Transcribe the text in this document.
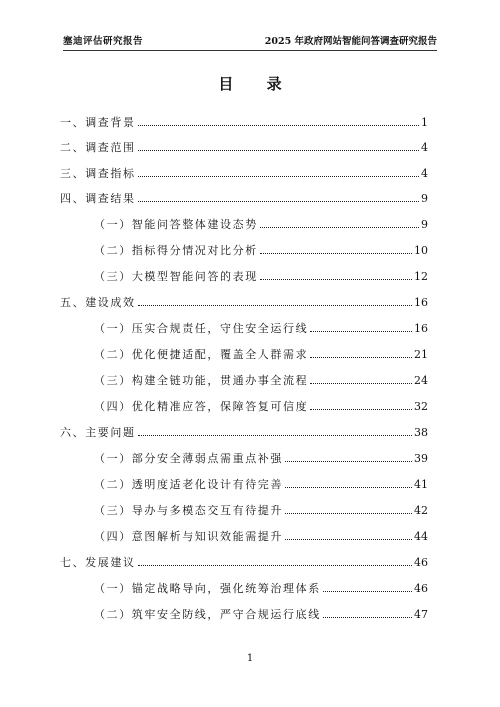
塞迪评估研究报告	2025 年政府网站智能问答调查研究报告
目 录
一、调查背景	1
二、调查范围	4
三、调查指标	4
四、调查结果	9
（一）智能问答整体建设态势	9
（二）指标得分情况对比分析	10
（三）大模型智能问答的表现	12
五、建设成效	16
（一）压实合规责任，守住安全运行线	16
（二）优化便捷适配，覆盖全人群需求	21
（三）构建全链功能，贯通办事全流程	24
（四）优化精准应答，保障答复可信度	32
六、主要问题	38
（一）部分安全薄弱点需重点补强	39
（二）透明度适老化设计有待完善	41
（三）导办与多模态交互有待提升	42
（四）意图解析与知识效能需提升	44
七、发展建议	46
（一）锚定战略导向，强化统筹治理体系	46
（二）筑牢安全防线，严守合规运行底线	47
1
